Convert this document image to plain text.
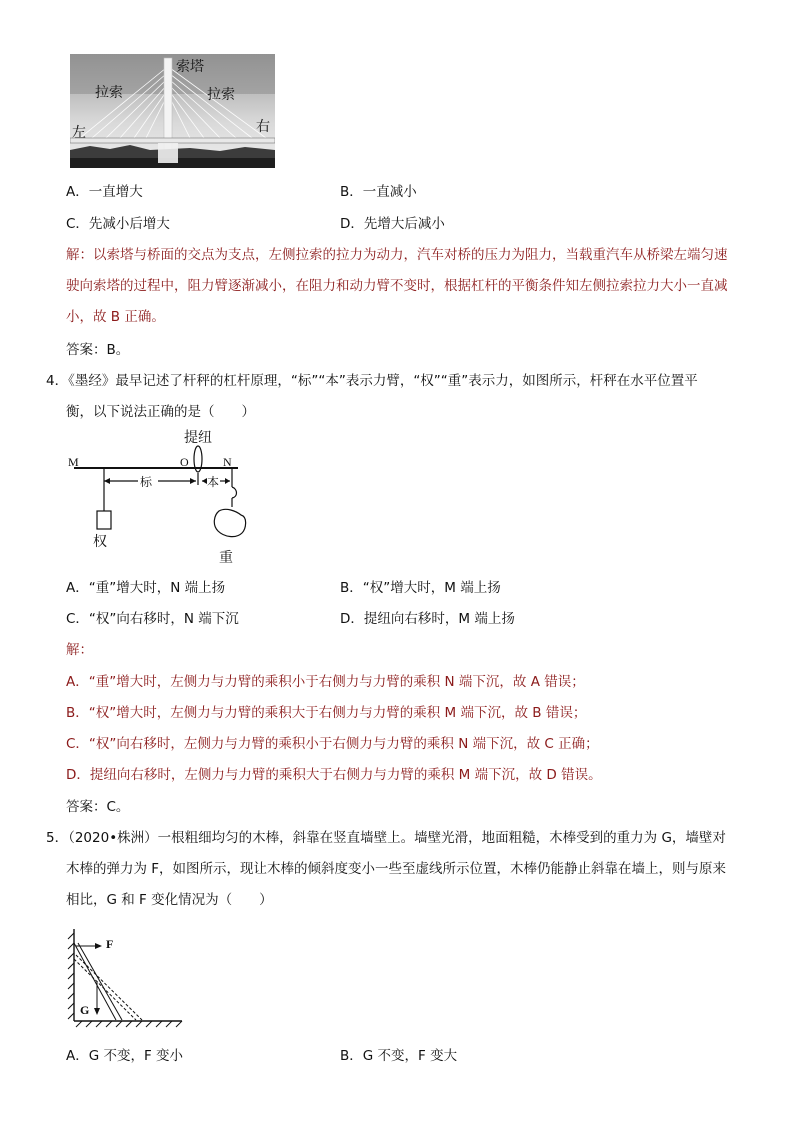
索塔
拉索	拉索
左	右
A．一直增大	B．一直减小
C．先减小后增大	D．先增大后减小
解：以索塔与桥面的交点为支点，左侧拉索的拉力为动力，汽车对桥的压力为阻力，当载重汽车从桥梁左端匀速
驶向索塔的过程中，阻力臂逐渐减小，在阻力和动力臂不变时，根据杠杆的平衡条件知左侧拉索拉力大小一直减
小，故 B 正确。
答案：B。
4．《墨经》最早记述了杆秤的杠杆原理，“标”“本”表示力臂，“权”“重”表示力，如图所示，杆秤在水平位置平
衡，以下说法正确的是（　　）
提纽
M	O	N
标	本
权
重
A．“重”增大时，N 端上扬	B．“权”增大时，M 端上扬
C．“权”向右移时，N 端下沉	D．提纽向右移时，M 端上扬
解：
A．“重”增大时，左侧力与力臂的乘积小于右侧力与力臂的乘积 N 端下沉，故 A 错误；
B．“权”增大时，左侧力与力臂的乘积大于右侧力与力臂的乘积 M 端下沉，故 B 错误；
C．“权”向右移时，左侧力与力臂的乘积小于右侧力与力臂的乘积 N 端下沉，故 C 正确；
D．提纽向右移时，左侧力与力臂的乘积大于右侧力与力臂的乘积 M 端下沉，故 D 错误。
答案：C。
5．（2020•株洲）一根粗细均匀的木棒，斜靠在竖直墙壁上。墙壁光滑，地面粗糙，木棒受到的重力为 G，墙壁对
木棒的弹力为 F，如图所示，现让木棒的倾斜度变小一些至虚线所示位置，木棒仍能静止斜靠在墙上，则与原来
相比，G 和 F 变化情况为（　　）
F
G
A．G 不变，F 变小	B．G 不变，F 变大
